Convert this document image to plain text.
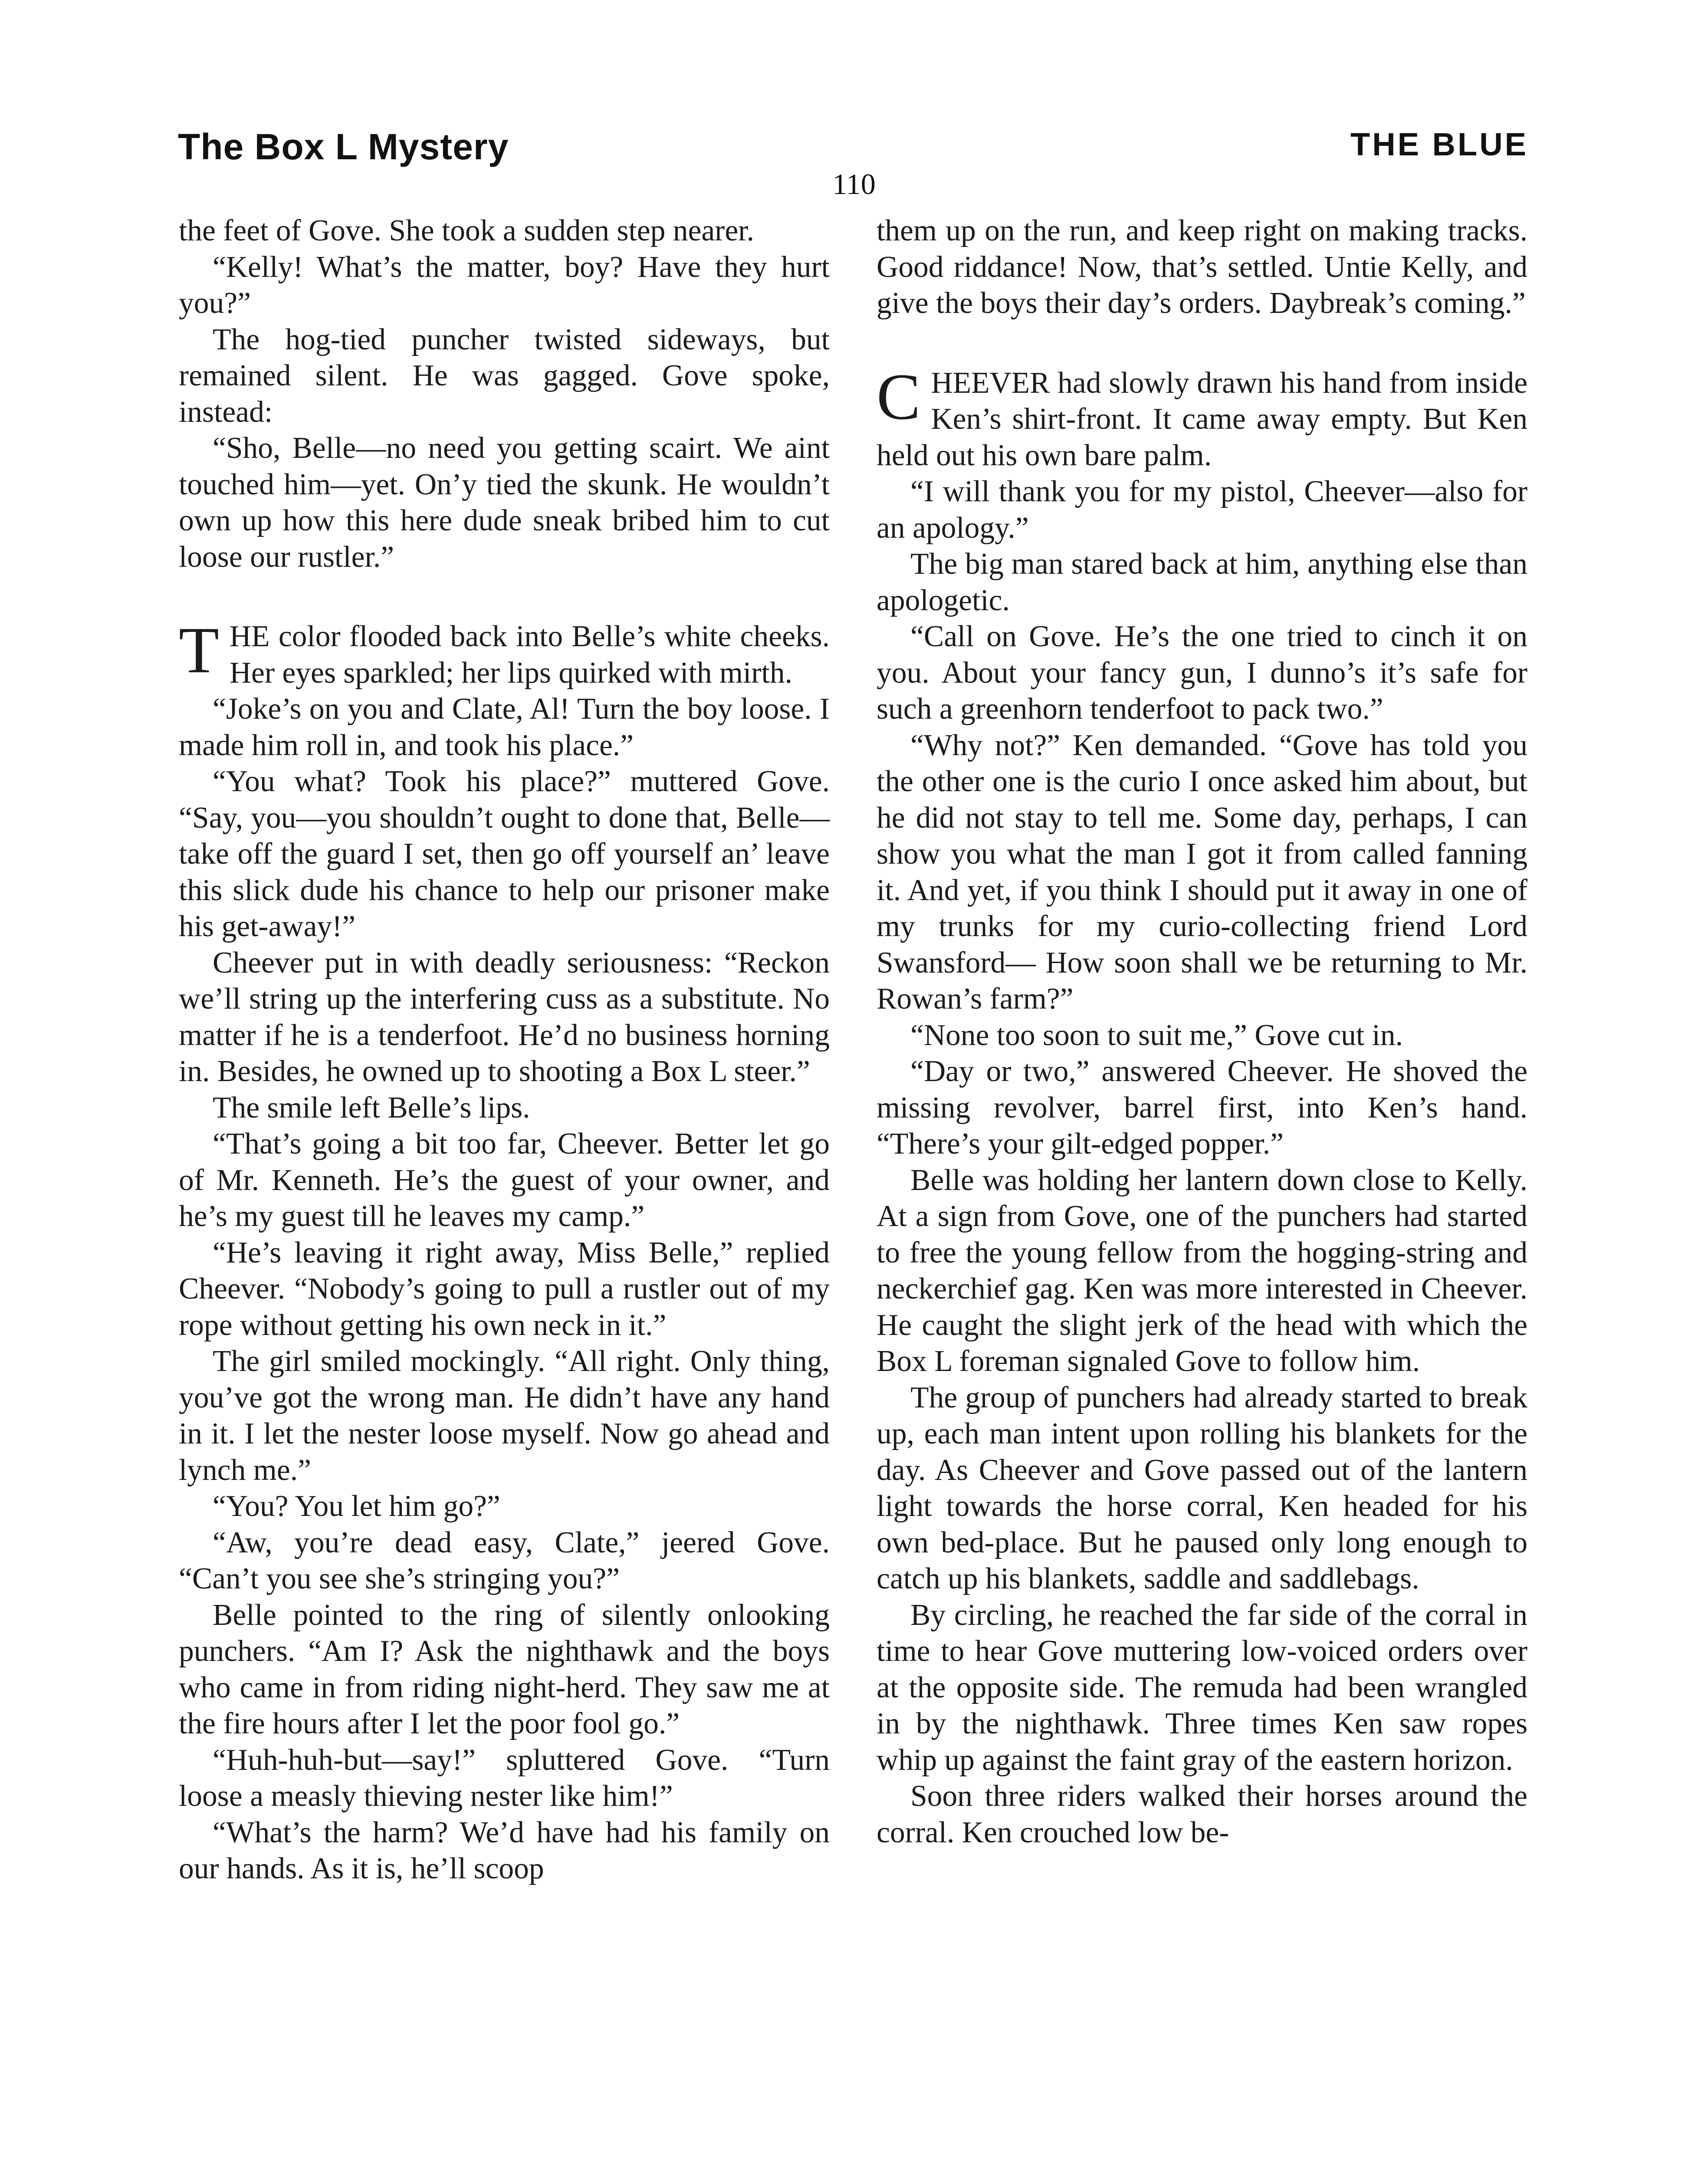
The Box L Mystery	THE BLUE
110

the feet of Gove. She took a sudden step nearer.

“Kelly! What’s the matter, boy? Have they hurt you?”

The hog-tied puncher twisted sideways, but remained silent. He was gagged. Gove spoke, instead:

“Sho, Belle—no need you getting scairt. We aint touched him—yet. On’y tied the skunk. He wouldn’t own up how this here dude sneak bribed him to cut loose our rustler.”

THE color flooded back into Belle’s white cheeks. Her eyes sparkled; her lips quirked with mirth.

“Joke’s on you and Clate, Al! Turn the boy loose. I made him roll in, and took his place.”

“You what? Took his place?” muttered Gove. “Say, you—you shouldn’t ought to done that, Belle—take off the guard I set, then go off yourself an’ leave this slick dude his chance to help our prisoner make his get-away!”

Cheever put in with deadly seriousness: “Reckon we’ll string up the interfering cuss as a substitute. No matter if he is a tenderfoot. He’d no business horning in. Besides, he owned up to shooting a Box L steer.”

The smile left Belle’s lips.

“That’s going a bit too far, Cheever. Better let go of Mr. Kenneth. He’s the guest of your owner, and he’s my guest till he leaves my camp.”

“He’s leaving it right away, Miss Belle,” replied Cheever. “Nobody’s going to pull a rustler out of my rope without getting his own neck in it.”

The girl smiled mockingly. “All right. Only thing, you’ve got the wrong man. He didn’t have any hand in it. I let the nester loose myself. Now go ahead and lynch me.”

“You? You let him go?”

“Aw, you’re dead easy, Clate,” jeered Gove. “Can’t you see she’s stringing you?”

Belle pointed to the ring of silently onlooking punchers. “Am I? Ask the nighthawk and the boys who came in from riding night-herd. They saw me at the fire hours after I let the poor fool go.”

“Huh-huh-but—say!” spluttered Gove. “Turn loose a measly thieving nester like him!”

“What’s the harm? We’d have had his family on our hands. As it is, he’ll scoop

them up on the run, and keep right on making tracks. Good riddance! Now, that’s settled. Untie Kelly, and give the boys their day’s orders. Daybreak’s coming.”

CHEEVER had slowly drawn his hand from inside Ken’s shirt-front. It came away empty. But Ken held out his own bare palm.

“I will thank you for my pistol, Cheever—also for an apology.”

The big man stared back at him, anything else than apologetic.

“Call on Gove. He’s the one tried to cinch it on you. About your fancy gun, I dunno’s it’s safe for such a greenhorn tenderfoot to pack two.”

“Why not?” Ken demanded. “Gove has told you the other one is the curio I once asked him about, but he did not stay to tell me. Some day, perhaps, I can show you what the man I got it from called fanning it. And yet, if you think I should put it away in one of my trunks for my curio-collecting friend Lord Swansford— How soon shall we be returning to Mr. Rowan’s farm?”

“None too soon to suit me,” Gove cut in.

“Day or two,” answered Cheever. He shoved the missing revolver, barrel first, into Ken’s hand. “There’s your gilt-edged popper.”

Belle was holding her lantern down close to Kelly. At a sign from Gove, one of the punchers had started to free the young fellow from the hogging-string and neckerchief gag. Ken was more interested in Cheever. He caught the slight jerk of the head with which the Box L foreman signaled Gove to follow him.

The group of punchers had already started to break up, each man intent upon rolling his blankets for the day. As Cheever and Gove passed out of the lantern light towards the horse corral, Ken headed for his own bed-place. But he paused only long enough to catch up his blankets, saddle and saddlebags.

By circling, he reached the far side of the corral in time to hear Gove muttering low-voiced orders over at the opposite side. The remuda had been wrangled in by the nighthawk. Three times Ken saw ropes whip up against the faint gray of the eastern horizon.

Soon three riders walked their horses around the corral. Ken crouched low be-
